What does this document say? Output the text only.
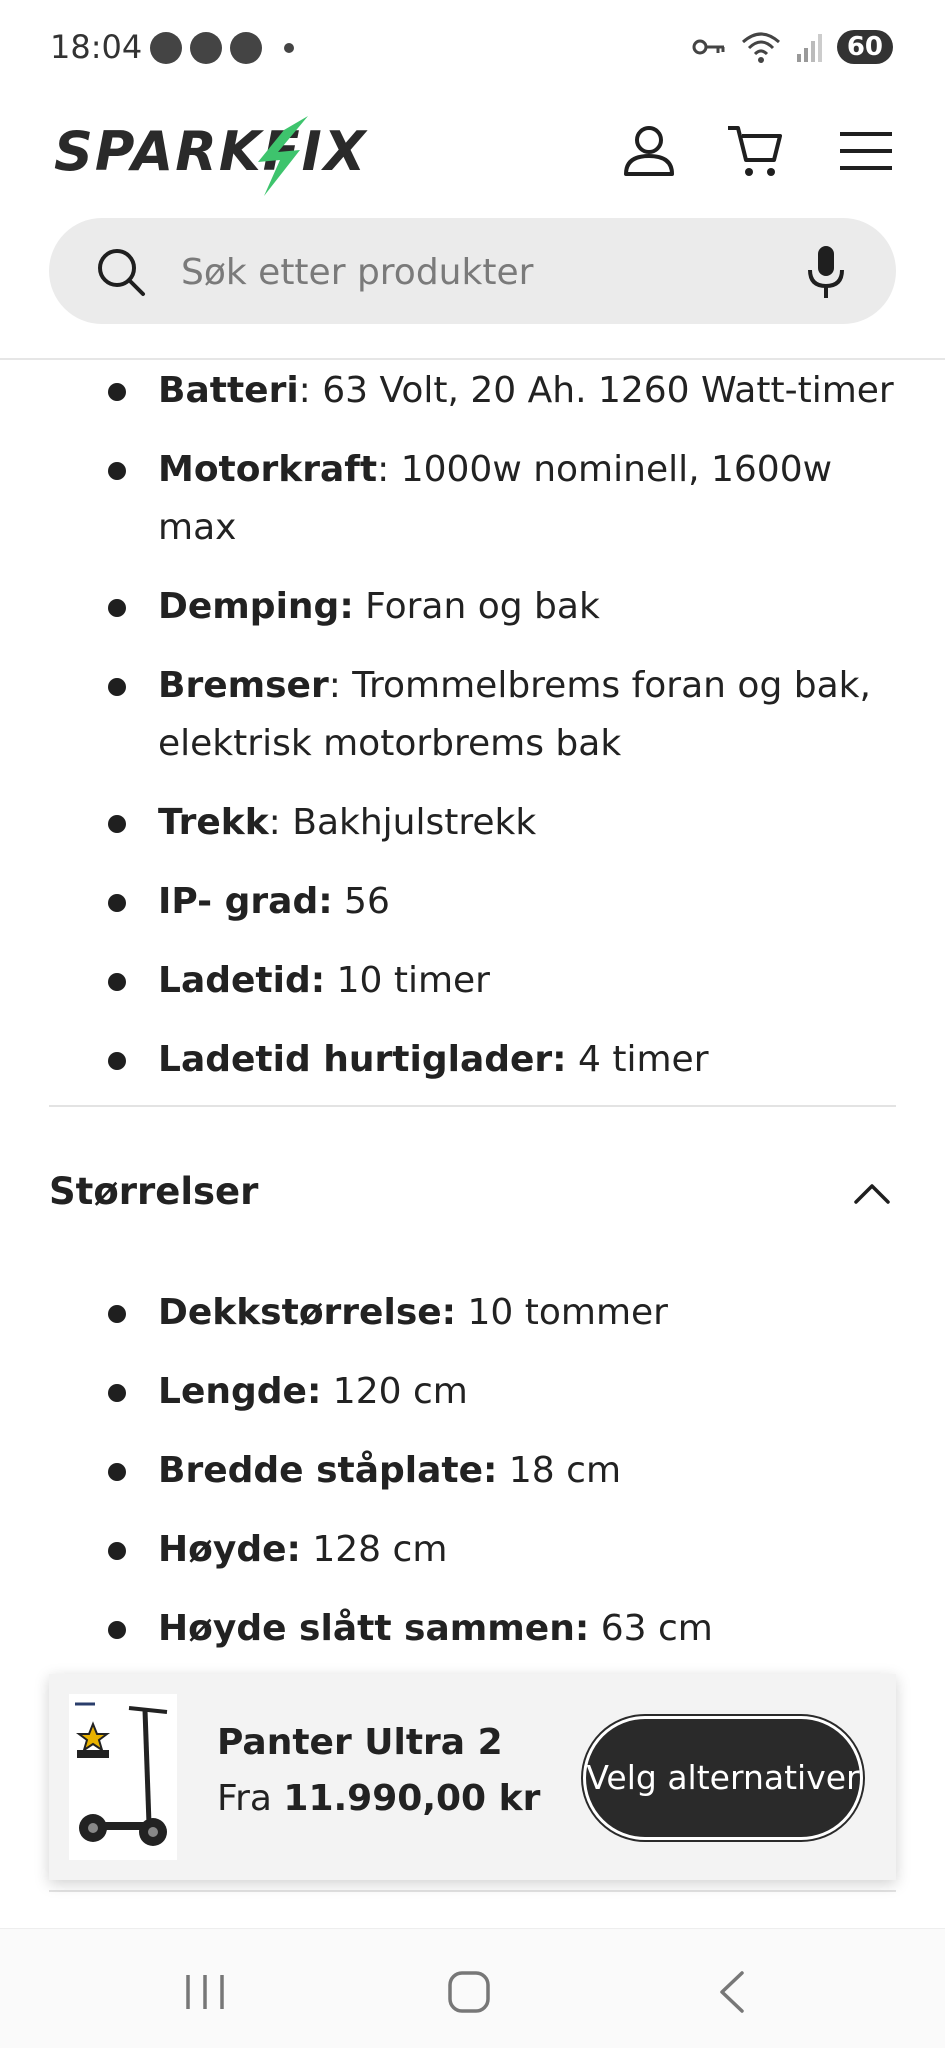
18:04	60
SPARKFIX
Søk etter produkter
Batteri: 63 Volt, 20 Ah. 1260 Watt-timer
Motorkraft: 1000w nominell, 1600w max
Demping: Foran og bak
Bremser: Trommelbrems foran og bak, elektrisk motorbrems bak
Trekk: Bakhjulstrekk
IP- grad: 56
Ladetid: 10 timer
Ladetid hurtiglader: 4 timer
Størrelser
Dekkstørrelse: 10 tommer
Lengde: 120 cm
Bredde ståplate: 18 cm
Høyde: 128 cm
Høyde slått sammen: 63 cm
Panter Ultra 2
Fra 11.990,00 kr
Velg alternativer
